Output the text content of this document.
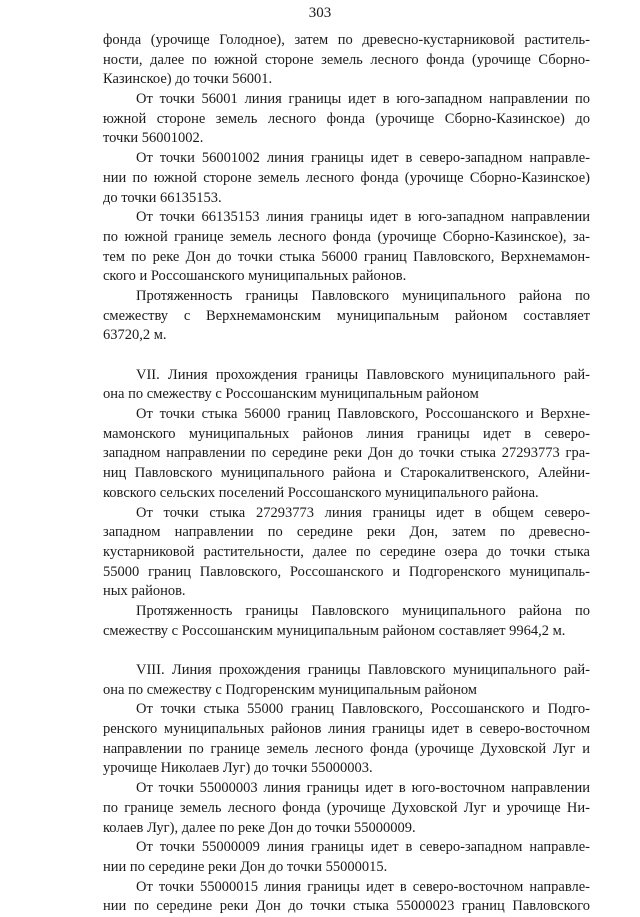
303
фонда (урочище Голодное), затем по древесно-кустарниковой раститель-
ности, далее по южной стороне земель лесного фонда (урочище Сборно-
Казинское) до точки 56001.
От точки 56001 линия границы идет в юго-западном направлении по
южной стороне земель лесного фонда (урочище Сборно-Казинское) до
точки 56001002.
От точки 56001002 линия границы идет в северо-западном направле-
нии по южной стороне земель лесного фонда (урочище Сборно-Казинское)
до точки 66135153.
От точки 66135153 линия границы идет в юго-западном направлении
по южной границе земель лесного фонда (урочище Сборно-Казинское), за-
тем по реке Дон до точки стыка 56000 границ Павловского, Верхнемамон-
ского и Россошанского муниципальных районов.
Протяженность границы Павловского муниципального района по
смежеству с Верхнемамонским муниципальным районом составляет
63720,2 м.
VII. Линия прохождения границы Павловского муниципального рай-
она по смежеству с Россошанским муниципальным районом
От точки стыка 56000 границ Павловского, Россошанского и Верхне-
мамонского муниципальных районов линия границы идет в северо-
западном направлении по середине реки Дон до точки стыка 27293773 гра-
ниц Павловского муниципального района и Старокалитвенского, Алейни-
ковского сельских поселений Россошанского муниципального района.
От точки стыка 27293773 линия границы идет в общем северо-
западном направлении по середине реки Дон, затем по древесно-
кустарниковой растительности, далее по середине озера до точки стыка
55000 границ Павловского, Россошанского и Подгоренского муниципаль-
ных районов.
Протяженность границы Павловского муниципального района по
смежеству с Россошанским муниципальным районом составляет 9964,2 м.
VIII. Линия прохождения границы Павловского муниципального рай-
она по смежеству с Подгоренским муниципальным районом
От точки стыка 55000 границ Павловского, Россошанского и Подго-
ренского муниципальных районов линия границы идет в северо-восточном
направлении по границе земель лесного фонда (урочище Духовской Луг и
урочище Николаев Луг) до точки 55000003.
От точки 55000003 линия границы идет в юго-восточном направлении
по границе земель лесного фонда (урочище Духовской Луг и урочище Ни-
колаев Луг), далее по реке Дон до точки 55000009.
От точки 55000009 линия границы идет в северо-западном направле-
нии по середине реки Дон до точки 55000015.
От точки 55000015 линия границы идет в северо-восточном направле-
нии по середине реки Дон до точки стыка 55000023 границ Павловского
